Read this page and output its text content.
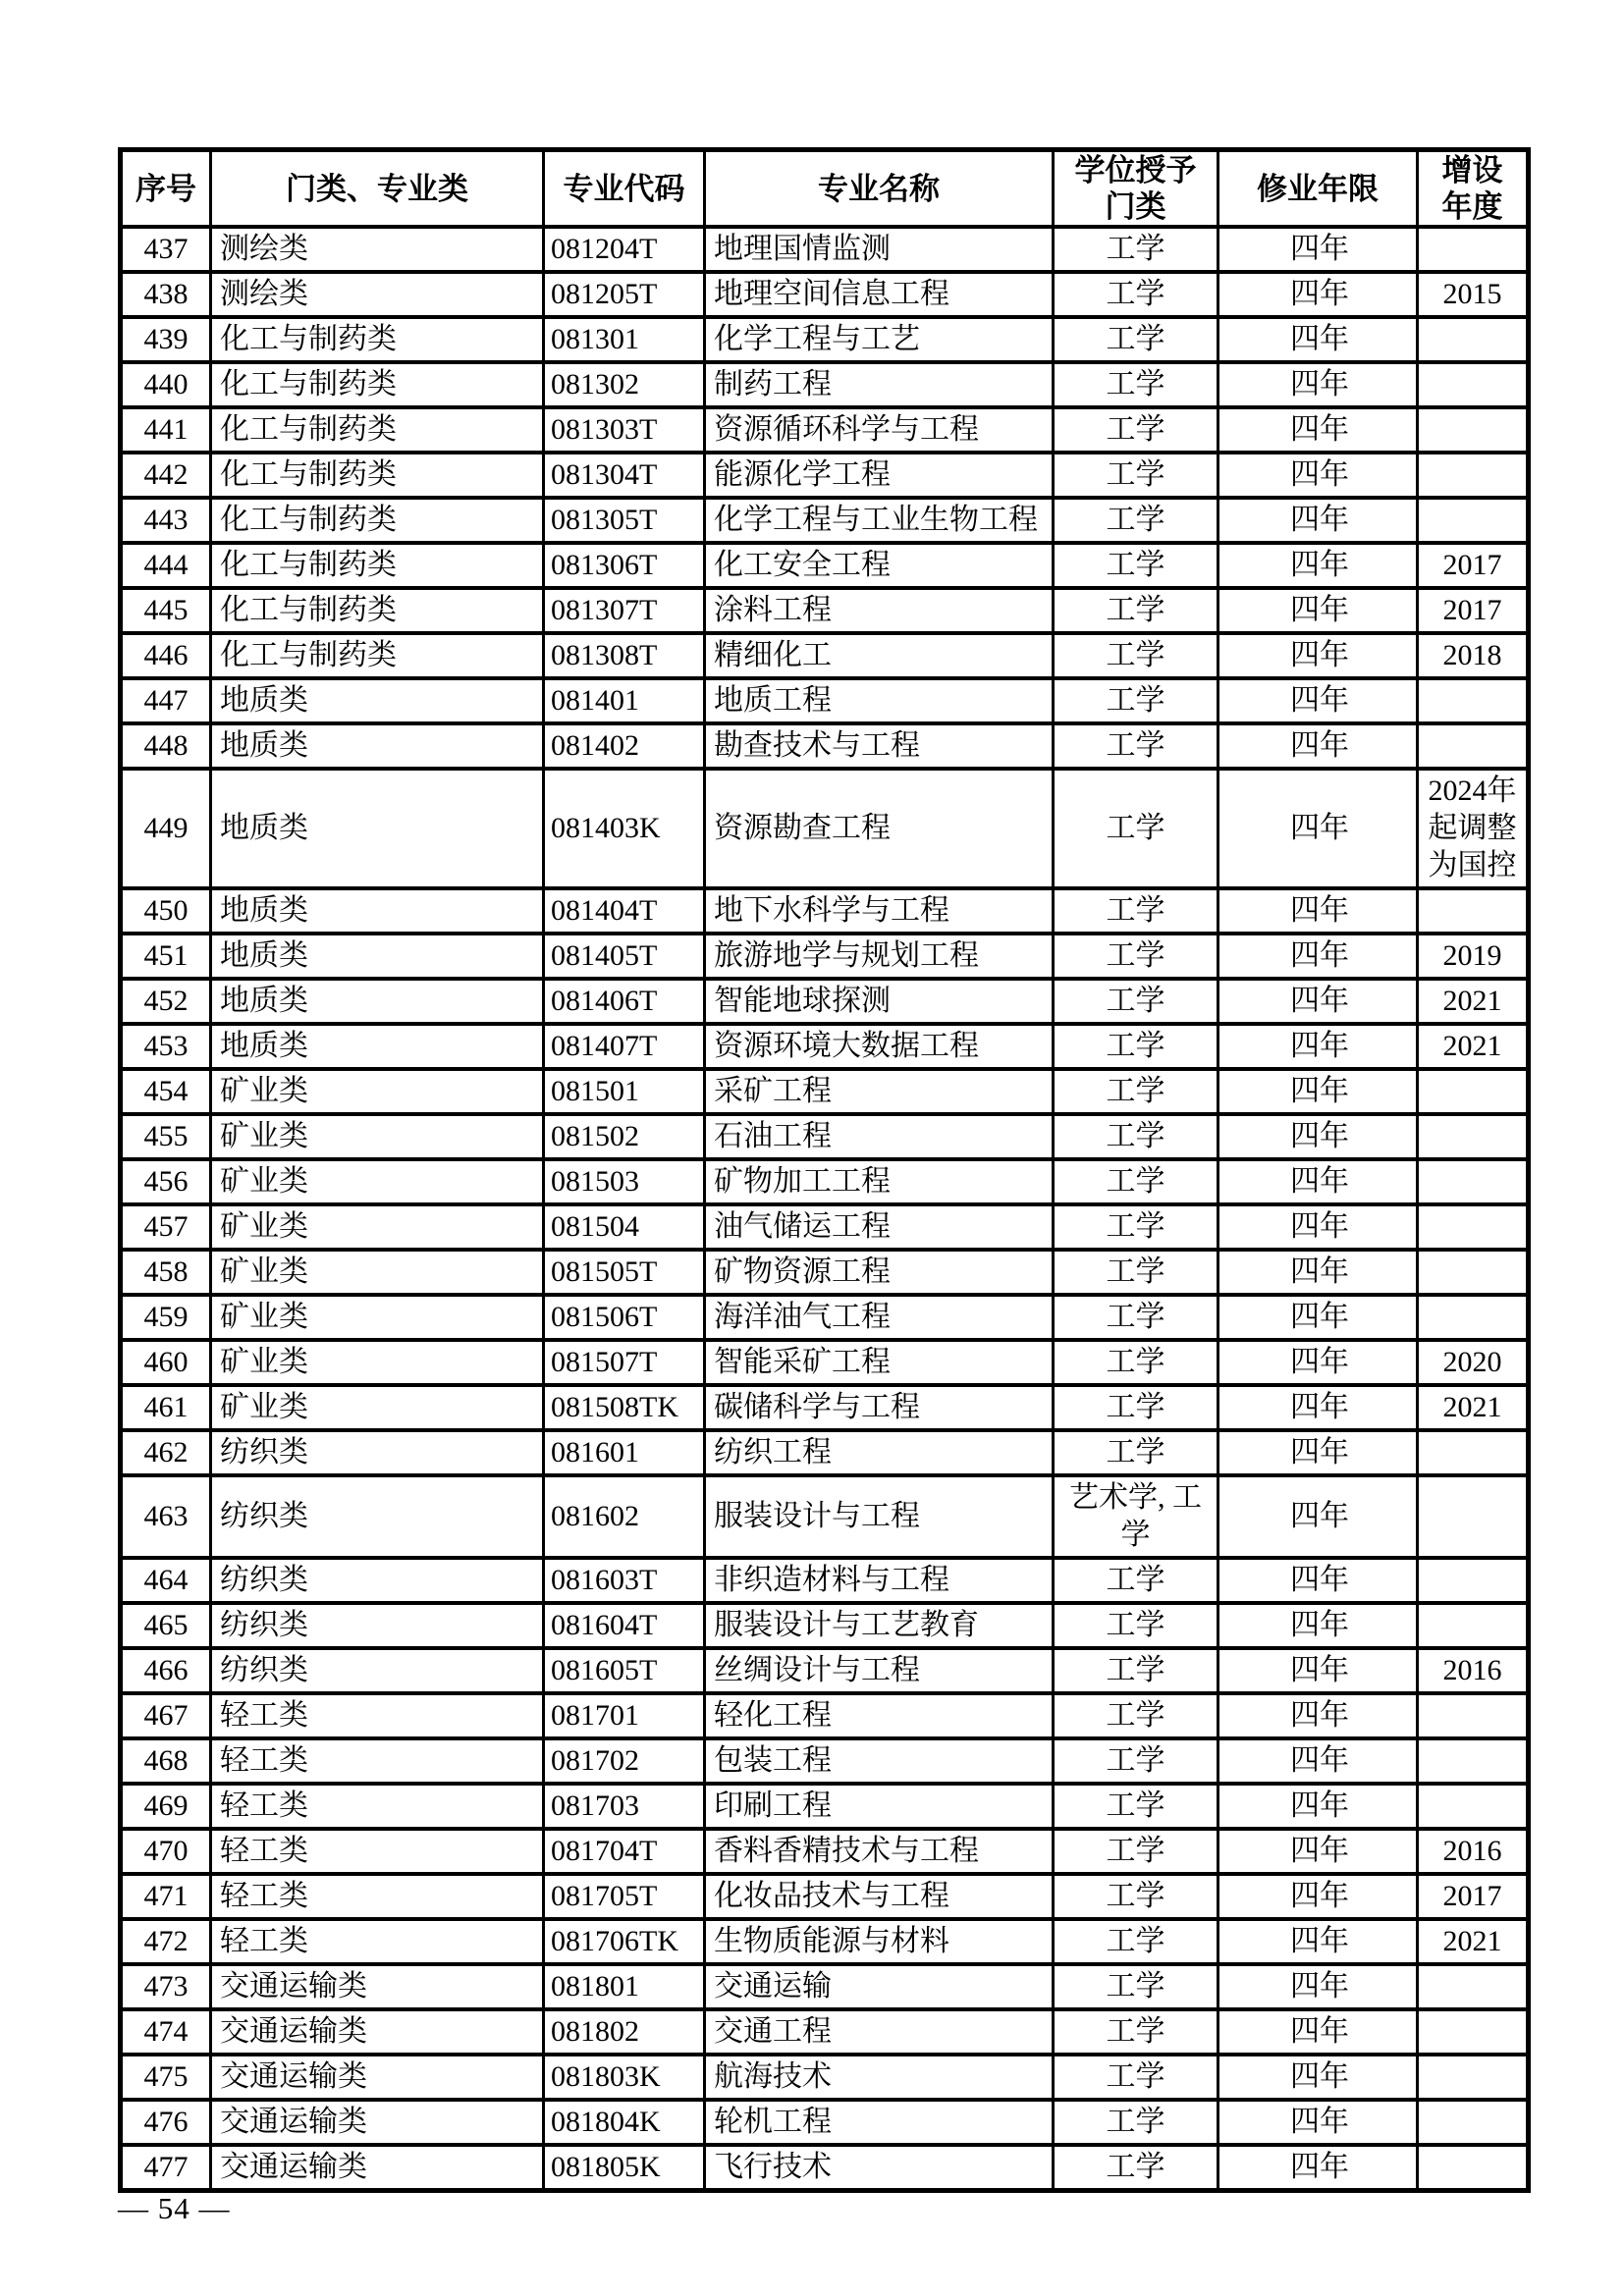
序号	门类、专业类	专业代码	专业名称	学位授予门类	修业年限	增设年度
437	测绘类	081204T	地理国情监测	工学	四年	
438	测绘类	081205T	地理空间信息工程	工学	四年	2015
439	化工与制药类	081301	化学工程与工艺	工学	四年	
440	化工与制药类	081302	制药工程	工学	四年	
441	化工与制药类	081303T	资源循环科学与工程	工学	四年	
442	化工与制药类	081304T	能源化学工程	工学	四年	
443	化工与制药类	081305T	化学工程与工业生物工程	工学	四年	
444	化工与制药类	081306T	化工安全工程	工学	四年	2017
445	化工与制药类	081307T	涂料工程	工学	四年	2017
446	化工与制药类	081308T	精细化工	工学	四年	2018
447	地质类	081401	地质工程	工学	四年	
448	地质类	081402	勘查技术与工程	工学	四年	
449	地质类	081403K	资源勘查工程	工学	四年	2024年起调整为国控
450	地质类	081404T	地下水科学与工程	工学	四年	
451	地质类	081405T	旅游地学与规划工程	工学	四年	2019
452	地质类	081406T	智能地球探测	工学	四年	2021
453	地质类	081407T	资源环境大数据工程	工学	四年	2021
454	矿业类	081501	采矿工程	工学	四年	
455	矿业类	081502	石油工程	工学	四年	
456	矿业类	081503	矿物加工工程	工学	四年	
457	矿业类	081504	油气储运工程	工学	四年	
458	矿业类	081505T	矿物资源工程	工学	四年	
459	矿业类	081506T	海洋油气工程	工学	四年	
460	矿业类	081507T	智能采矿工程	工学	四年	2020
461	矿业类	081508TK	碳储科学与工程	工学	四年	2021
462	纺织类	081601	纺织工程	工学	四年	
463	纺织类	081602	服装设计与工程	艺术学, 工学	四年	
464	纺织类	081603T	非织造材料与工程	工学	四年	
465	纺织类	081604T	服装设计与工艺教育	工学	四年	
466	纺织类	081605T	丝绸设计与工程	工学	四年	2016
467	轻工类	081701	轻化工程	工学	四年	
468	轻工类	081702	包装工程	工学	四年	
469	轻工类	081703	印刷工程	工学	四年	
470	轻工类	081704T	香料香精技术与工程	工学	四年	2016
471	轻工类	081705T	化妆品技术与工程	工学	四年	2017
472	轻工类	081706TK	生物质能源与材料	工学	四年	2021
473	交通运输类	081801	交通运输	工学	四年	
474	交通运输类	081802	交通工程	工学	四年	
475	交通运输类	081803K	航海技术	工学	四年	
476	交通运输类	081804K	轮机工程	工学	四年	
477	交通运输类	081805K	飞行技术	工学	四年	
— 54 —
